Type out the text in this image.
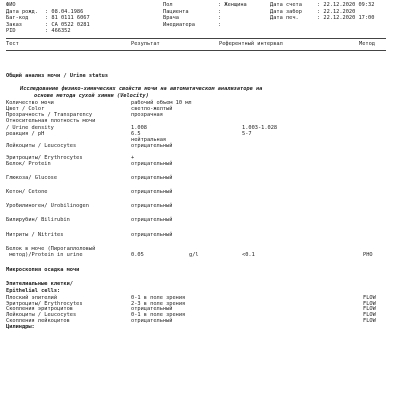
ФИО	Пол	: Женщина	Дата счета	: 22.12.2020 09:32
Дата рожд. : 08.04.1986	Пациента	:	Дата забор	: 22.12.2020
Баг-код	: 81 0111 6067	Врача	:	Дата печ.	: 22.12.2020 17:00
Заказ	: CA 0522 0281	Инедиатера	:
PID	: 466352
Тест	Результат	Референтный интервал	Метод
Общий анализ мочи / Urine status
Исследование физико-химических свойств мочи на автоматическом анализаторе на
основе метода сухой химии (Velocity)
Количество мочи	рабочий объем 10 мл
Цвет / Color	светло-желтый
Прозрачность / Transparency	прозрачная
Относительная плотность мочи
/ Urine density	1.008	1.003-1.028
реакция / pH	6.5	5-7
нейтральная
Лейкоциты / Leucocytes	отрицательный
Эритроциты/ Erythrocytes	+
Белок/ Protein	отрицательный
Глюкоза/ Glucose	отрицательный
Кетон/ Cetone	отрицательный
Уробилиноген/ Urobilinogen	отрицательный
Билирубин/ Bilirubin	отрицательный
Нитриты / Nitrites	отрицательный
Белок в моче (Пирогаллоловый
метод)/Protein in urine	0.05	g/l	<0.1	PHO
Микроскопия осадка мочи
Эпителиальные клетки/
Epithelial cells:
Плоский эпителий	0-1 в поле зрения	FLOW
Эритроциты/ Erythrocytes	2-3 в поле зрения	FLOW
Скопления эритроцитов	отрицательный	FLOW
Лейкоциты / Leucocytes	0-1 в поле зрения	FLOW
Скопления лейкоцитов	отрицательный	FLOW
Цилиндры:
